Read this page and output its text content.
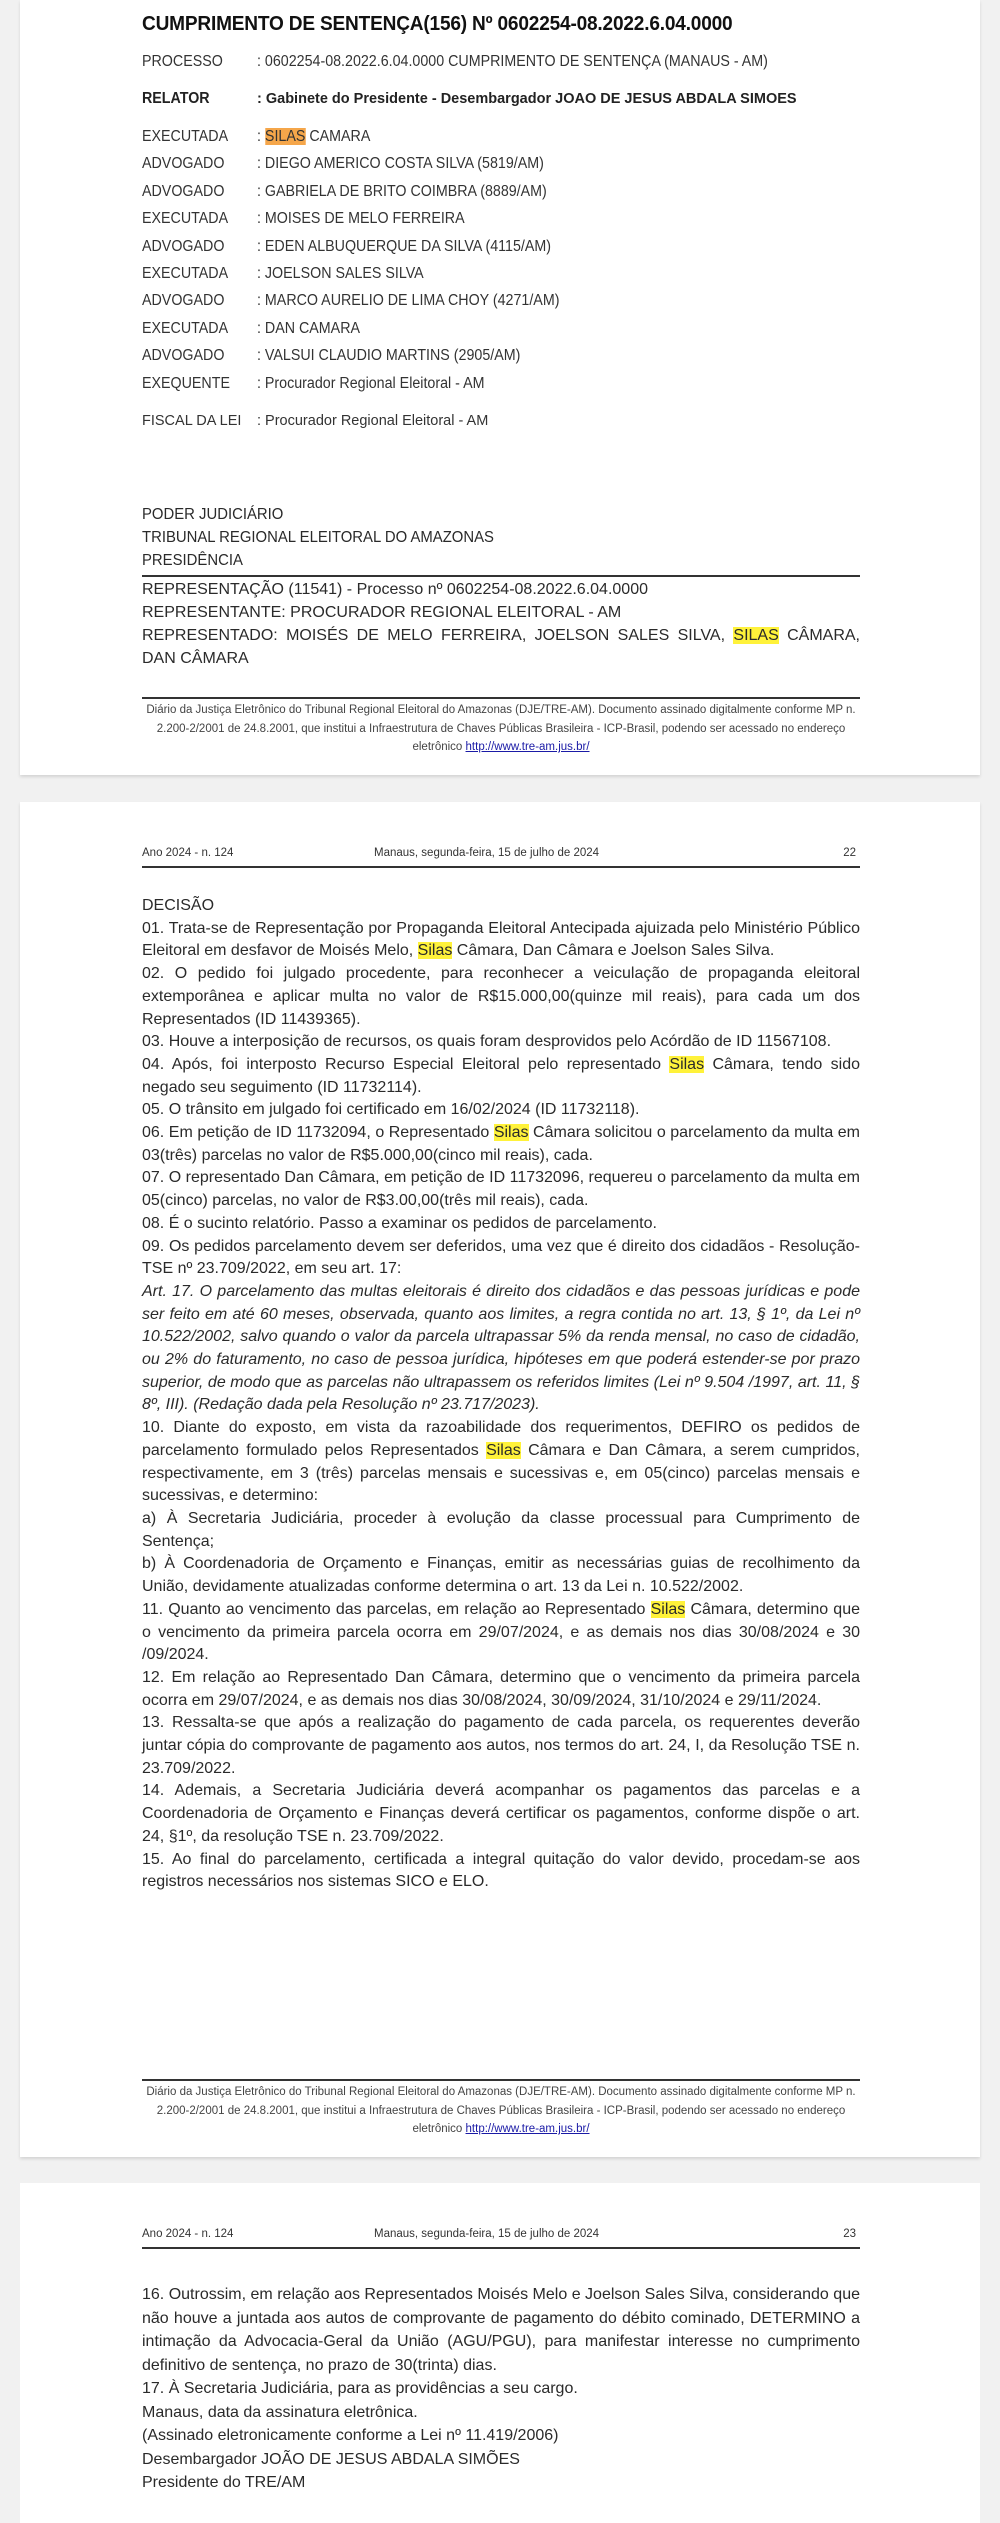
CUMPRIMENTO DE SENTENÇA(156) Nº 0602254-08.2022.6.04.0000
PROCESSO	: 0602254-08.2022.6.04.0000 CUMPRIMENTO DE SENTENÇA (MANAUS - AM)
RELATOR	: Gabinete do Presidente - Desembargador JOAO DE JESUS ABDALA SIMOES
EXECUTADA	: SILAS CAMARA
ADVOGADO	: DIEGO AMERICO COSTA SILVA (5819/AM)
ADVOGADO	: GABRIELA DE BRITO COIMBRA (8889/AM)
EXECUTADA	: MOISES DE MELO FERREIRA
ADVOGADO	: EDEN ALBUQUERQUE DA SILVA (4115/AM)
EXECUTADA	: JOELSON SALES SILVA
ADVOGADO	: MARCO AURELIO DE LIMA CHOY (4271/AM)
EXECUTADA	: DAN CAMARA
ADVOGADO	: VALSUI CLAUDIO MARTINS (2905/AM)
EXEQUENTE	: Procurador Regional Eleitoral - AM
FISCAL DA LEI	: Procurador Regional Eleitoral - AM
PODER JUDICIÁRIO
TRIBUNAL REGIONAL ELEITORAL DO AMAZONAS
PRESIDÊNCIA
REPRESENTAÇÃO (11541) - Processo nº 0602254-08.2022.6.04.0000
REPRESENTANTE: PROCURADOR REGIONAL ELEITORAL - AM
REPRESENTADO: MOISÉS DE MELO FERREIRA, JOELSON SALES SILVA, SILAS CÂMARA, DAN CÂMARA
Diário da Justiça Eletrônico do Tribunal Regional Eleitoral do Amazonas (DJE/TRE-AM). Documento assinado digitalmente conforme MP n. 2.200-2/2001 de 24.8.2001, que institui a Infraestrutura de Chaves Públicas Brasileira - ICP-Brasil, podendo ser acessado no endereço eletrônico http://www.tre-am.jus.br/
Ano 2024 - n. 124	Manaus, segunda-feira, 15 de julho de 2024	22

DECISÃO

01. Trata-se de Representação por Propaganda Eleitoral Antecipada ajuizada pelo Ministério Público Eleitoral em desfavor de Moisés Melo, Silas Câmara, Dan Câmara e Joelson Sales Silva.

02. O pedido foi julgado procedente, para reconhecer a veiculação de propaganda eleitoral extemporânea e aplicar multa no valor de R$15.000,00(quinze mil reais), para cada um dos Representados (ID 11439365).

03. Houve a interposição de recursos, os quais foram desprovidos pelo Acórdão de ID 11567108.

04. Após, foi interposto Recurso Especial Eleitoral pelo representado Silas Câmara, tendo sido negado seu seguimento (ID 11732114).

05. O trânsito em julgado foi certificado em 16/02/2024 (ID 11732118).

06. Em petição de ID 11732094, o Representado Silas Câmara solicitou o parcelamento da multa em 03(três) parcelas no valor de R$5.000,00(cinco mil reais), cada.

07. O representado Dan Câmara, em petição de ID 11732096, requereu o parcelamento da multa em 05(cinco) parcelas, no valor de R$3.00,00(três mil reais), cada.

08. É o sucinto relatório. Passo a examinar os pedidos de parcelamento.

09. Os pedidos parcelamento devem ser deferidos, uma vez que é direito dos cidadãos - Resolução-TSE nº 23.709/2022, em seu art. 17:

Art. 17. O parcelamento das multas eleitorais é direito dos cidadãos e das pessoas jurídicas e pode ser feito em até 60 meses, observada, quanto aos limites, a regra contida no art. 13, § 1º, da Lei nº 10.522/2002, salvo quando o valor da parcela ultrapassar 5% da renda mensal, no caso de cidadão, ou 2% do faturamento, no caso de pessoa jurídica, hipóteses em que poderá estender-se por prazo superior, de modo que as parcelas não ultrapassem os referidos limites (Lei nº 9.504 /1997, art. 11, § 8º, III). (Redação dada pela Resolução nº 23.717/2023).

10. Diante do exposto, em vista da razoabilidade dos requerimentos, DEFIRO os pedidos de parcelamento formulado pelos Representados Silas Câmara e Dan Câmara, a serem cumpridos, respectivamente, em 3 (três) parcelas mensais e sucessivas e, em 05(cinco) parcelas mensais e sucessivas, e determino:

a) À Secretaria Judiciária, proceder à evolução da classe processual para Cumprimento de Sentença;

b) À Coordenadoria de Orçamento e Finanças, emitir as necessárias guias de recolhimento da União, devidamente atualizadas conforme determina o art. 13 da Lei n. 10.522/2002.

11. Quanto ao vencimento das parcelas, em relação ao Representado Silas Câmara, determino que o vencimento da primeira parcela ocorra em 29/07/2024, e as demais nos dias 30/08/2024 e 30 /09/2024.

12. Em relação ao Representado Dan Câmara, determino que o vencimento da primeira parcela ocorra em 29/07/2024, e as demais nos dias 30/08/2024, 30/09/2024, 31/10/2024 e 29/11/2024.

13. Ressalta-se que após a realização do pagamento de cada parcela, os requerentes deverão juntar cópia do comprovante de pagamento aos autos, nos termos do art. 24, I, da Resolução TSE n. 23.709/2022.

14. Ademais, a Secretaria Judiciária deverá acompanhar os pagamentos das parcelas e a Coordenadoria de Orçamento e Finanças deverá certificar os pagamentos, conforme dispõe o art. 24, §1º, da resolução TSE n. 23.709/2022.

15. Ao final do parcelamento, certificada a integral quitação do valor devido, procedam-se aos registros necessários nos sistemas SICO e ELO.

Diário da Justiça Eletrônico do Tribunal Regional Eleitoral do Amazonas (DJE/TRE-AM). Documento assinado digitalmente conforme MP n. 2.200-2/2001 de 24.8.2001, que institui a Infraestrutura de Chaves Públicas Brasileira - ICP-Brasil, podendo ser acessado no endereço eletrônico http://www.tre-am.jus.br/
Ano 2024 - n. 124	Manaus, segunda-feira, 15 de julho de 2024	23

16. Outrossim, em relação aos Representados Moisés Melo e Joelson Sales Silva, considerando que não houve a juntada aos autos de comprovante de pagamento do débito cominado, DETERMINO a intimação da Advocacia-Geral da União (AGU/PGU), para manifestar interesse no cumprimento definitivo de sentença, no prazo de 30(trinta) dias.

17. À Secretaria Judiciária, para as providências a seu cargo.

Manaus, data da assinatura eletrônica.

(Assinado eletronicamente conforme a Lei nº 11.419/2006)

Desembargador JOÃO DE JESUS ABDALA SIMÕES

Presidente do TRE/AM
